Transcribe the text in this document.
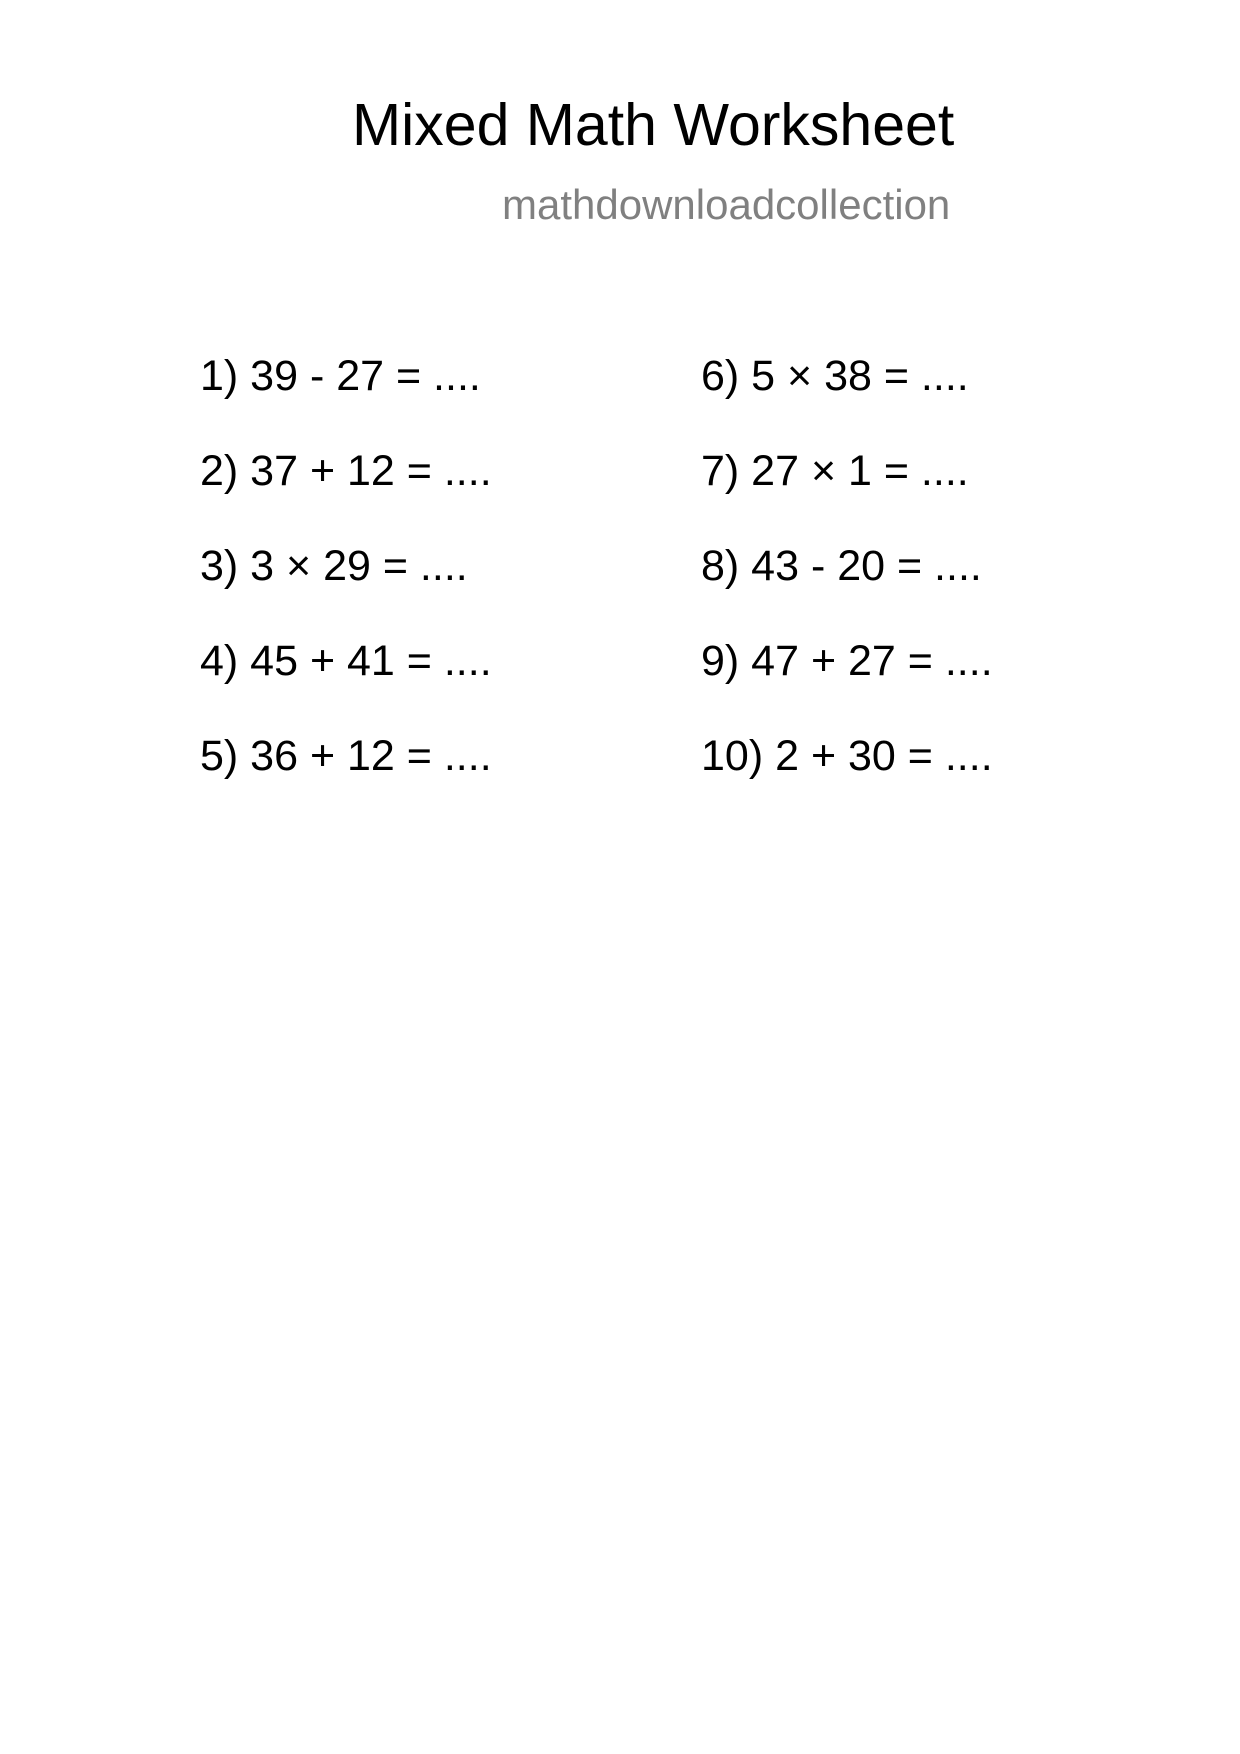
Mixed Math Worksheet
mathdownloadcollection
1) 39 - 27 = ....
2) 37 + 12 = ....
3) 3 × 29 = ....
4) 45 + 41 = ....
5) 36 + 12 = ....
6) 5 × 38 = ....
7) 27 × 1 = ....
8) 43 - 20 = ....
9) 47 + 27 = ....
10) 2 + 30 = ....
